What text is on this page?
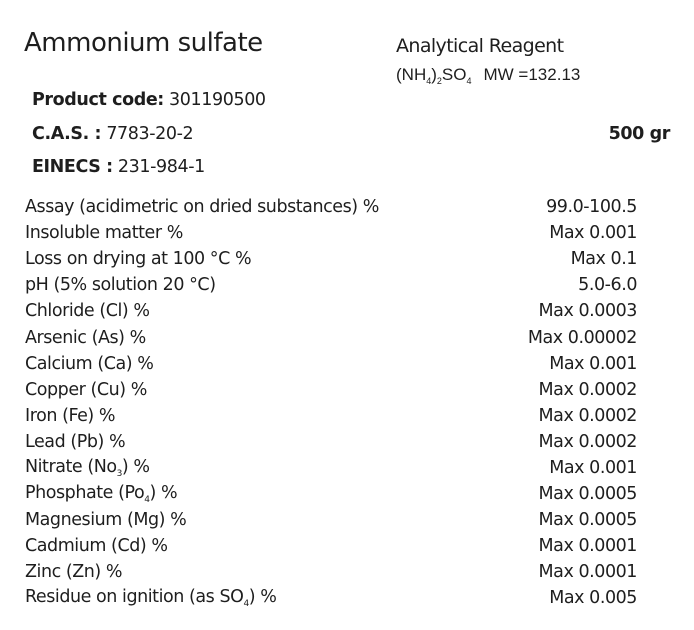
Ammonium sulfate	Analytical Reagent
$(NH_4)_2SO_4$ MW =132.13
Product code: 301190500
C.A.S. : 7783-20-2	500 gr
EINECS : 231-984-1
Assay (acidimetric on dried substances) %	99.0-100.5
Insoluble matter %	Max 0.001
Loss on drying at 100 °C %	Max 0.1
pH (5% solution 20 °C)	5.0-6.0
Chloride (Cl) %	Max 0.0003
Arsenic (As) %	Max 0.00002
Calcium (Ca) %	Max 0.001
Copper (Cu) %	Max 0.0002
Iron (Fe) %	Max 0.0002
Lead (Pb) %	Max 0.0002
Nitrate $(No_3)$ %	Max 0.001
Phosphate $(Po_4)$ %	Max 0.0005
Magnesium (Mg) %	Max 0.0005
Cadmium (Cd) %	Max 0.0001
Zinc (Zn) %	Max 0.0001
Residue on ignition (as $SO_4$) %	Max 0.005
